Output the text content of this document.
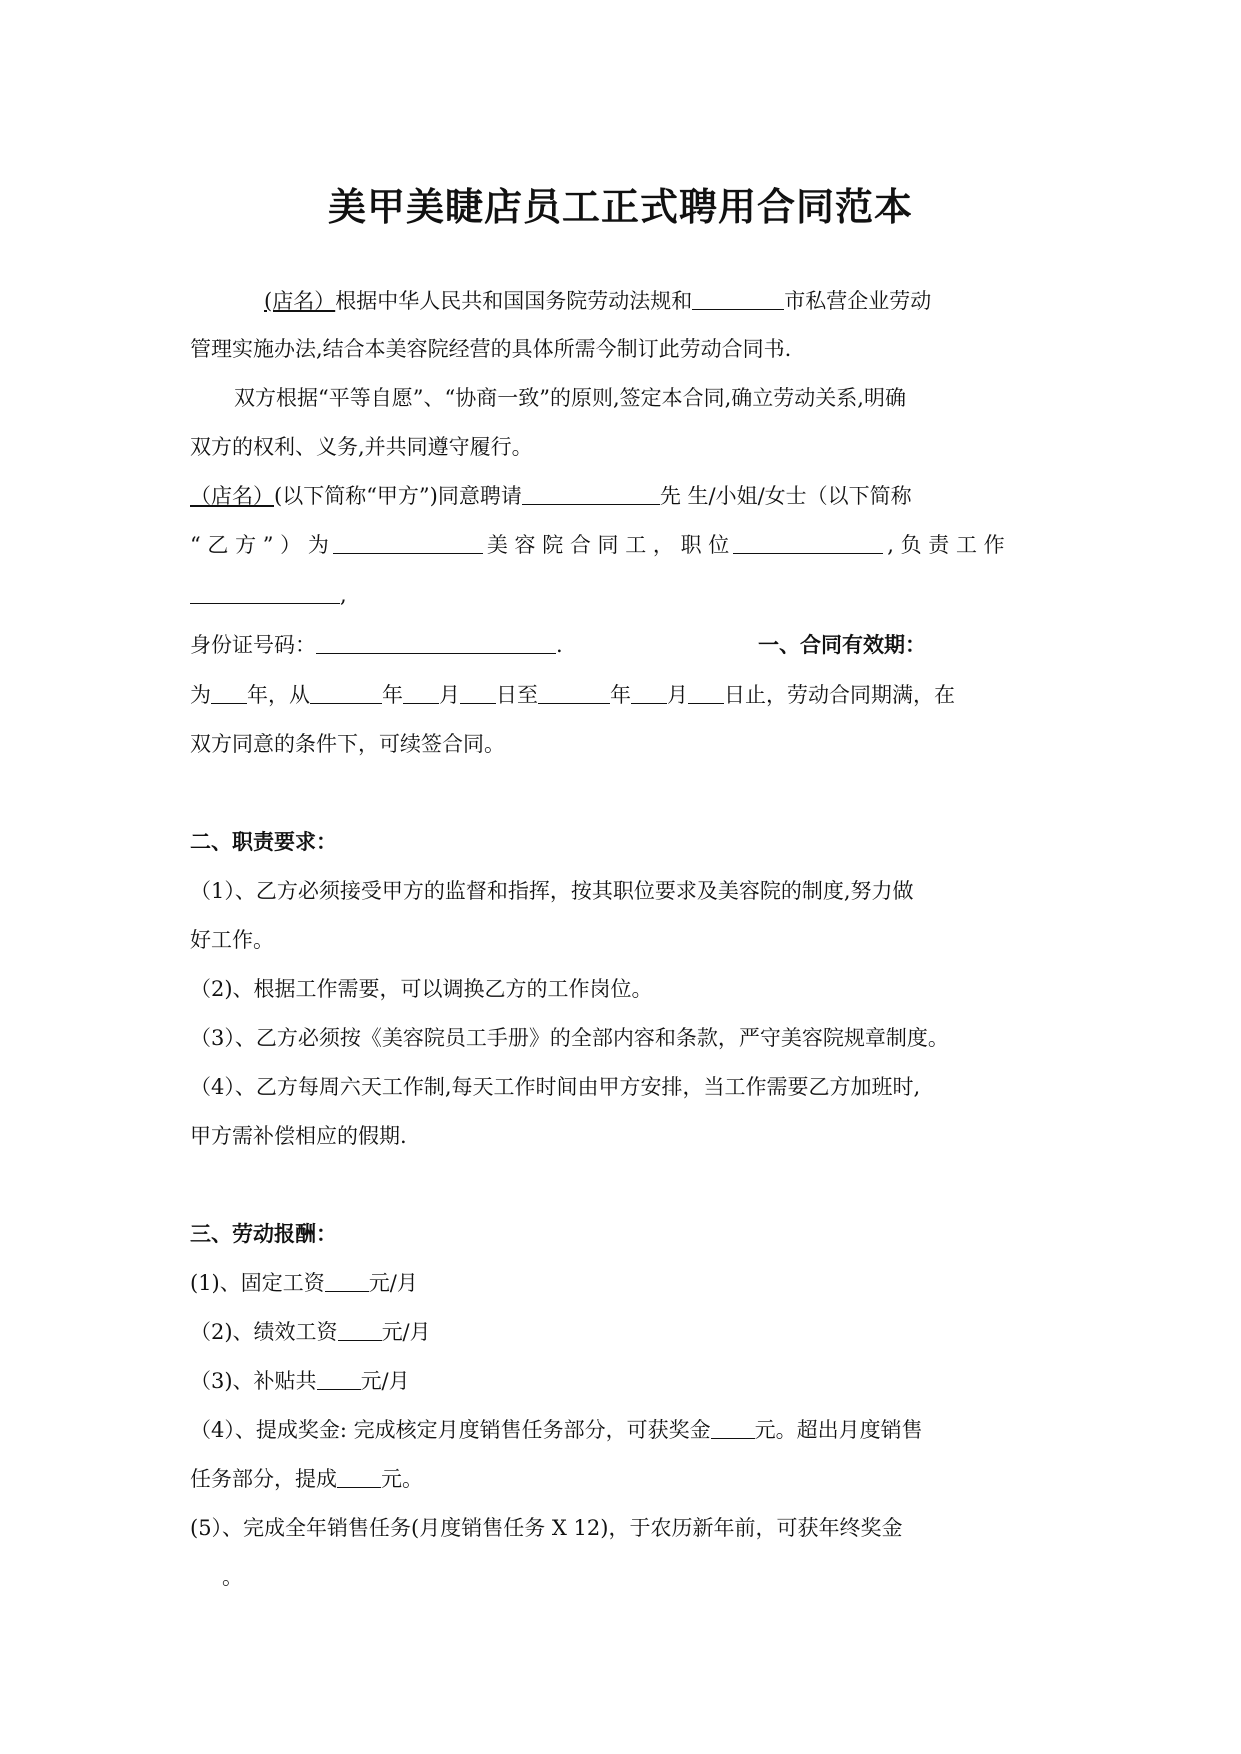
美甲美睫店员工正式聘用合同范本
(店名）根据中华人民共和国国务院劳动法规和	市私营企业劳动
管理实施办法,结合本美容院经营的具体所需今制订此劳动合同书.
双方根据“平等自愿”、“协商一致”的原则,签定本合同,确立劳动关系,明确
双方的权利、义务,并共同遵守履行。
（店名）(以下简称“甲方”)同意聘请	先 生/小姐/女士（以下简称
“ 乙 方 ” ） 为	美 容 院 合 同 工 ， 职 位	, 负 责 工 作
,
身份证号码：	.	一、合同有效期：
为 年，从	年 月 日至	年 月 日止，劳动合同期满，在
双方同意的条件下，可续签合同。
二、职责要求：
（1）、乙方必须接受甲方的监督和指挥，按其职位要求及美容院的制度,努力做
好工作。
（2)、根据工作需要，可以调换乙方的工作岗位。
（3）、乙方必须按《美容院员工手册》的全部内容和条款，严守美容院规章制度。
（4）、乙方每周六天工作制,每天工作时间由甲方安排，当工作需要乙方加班时,
甲方需补偿相应的假期.
三、劳动报酬：
(1)、固定工资 元/月
（2)、绩效工资 元/月
（3)、补贴共 元/月
（4）、提成奖金: 完成核定月度销售任务部分，可获奖金 元。超出月度销售
任务部分，提成 元。
(5）、完成全年销售任务(月度销售任务 X 12)，于农历新年前，可获年终奖金
。
